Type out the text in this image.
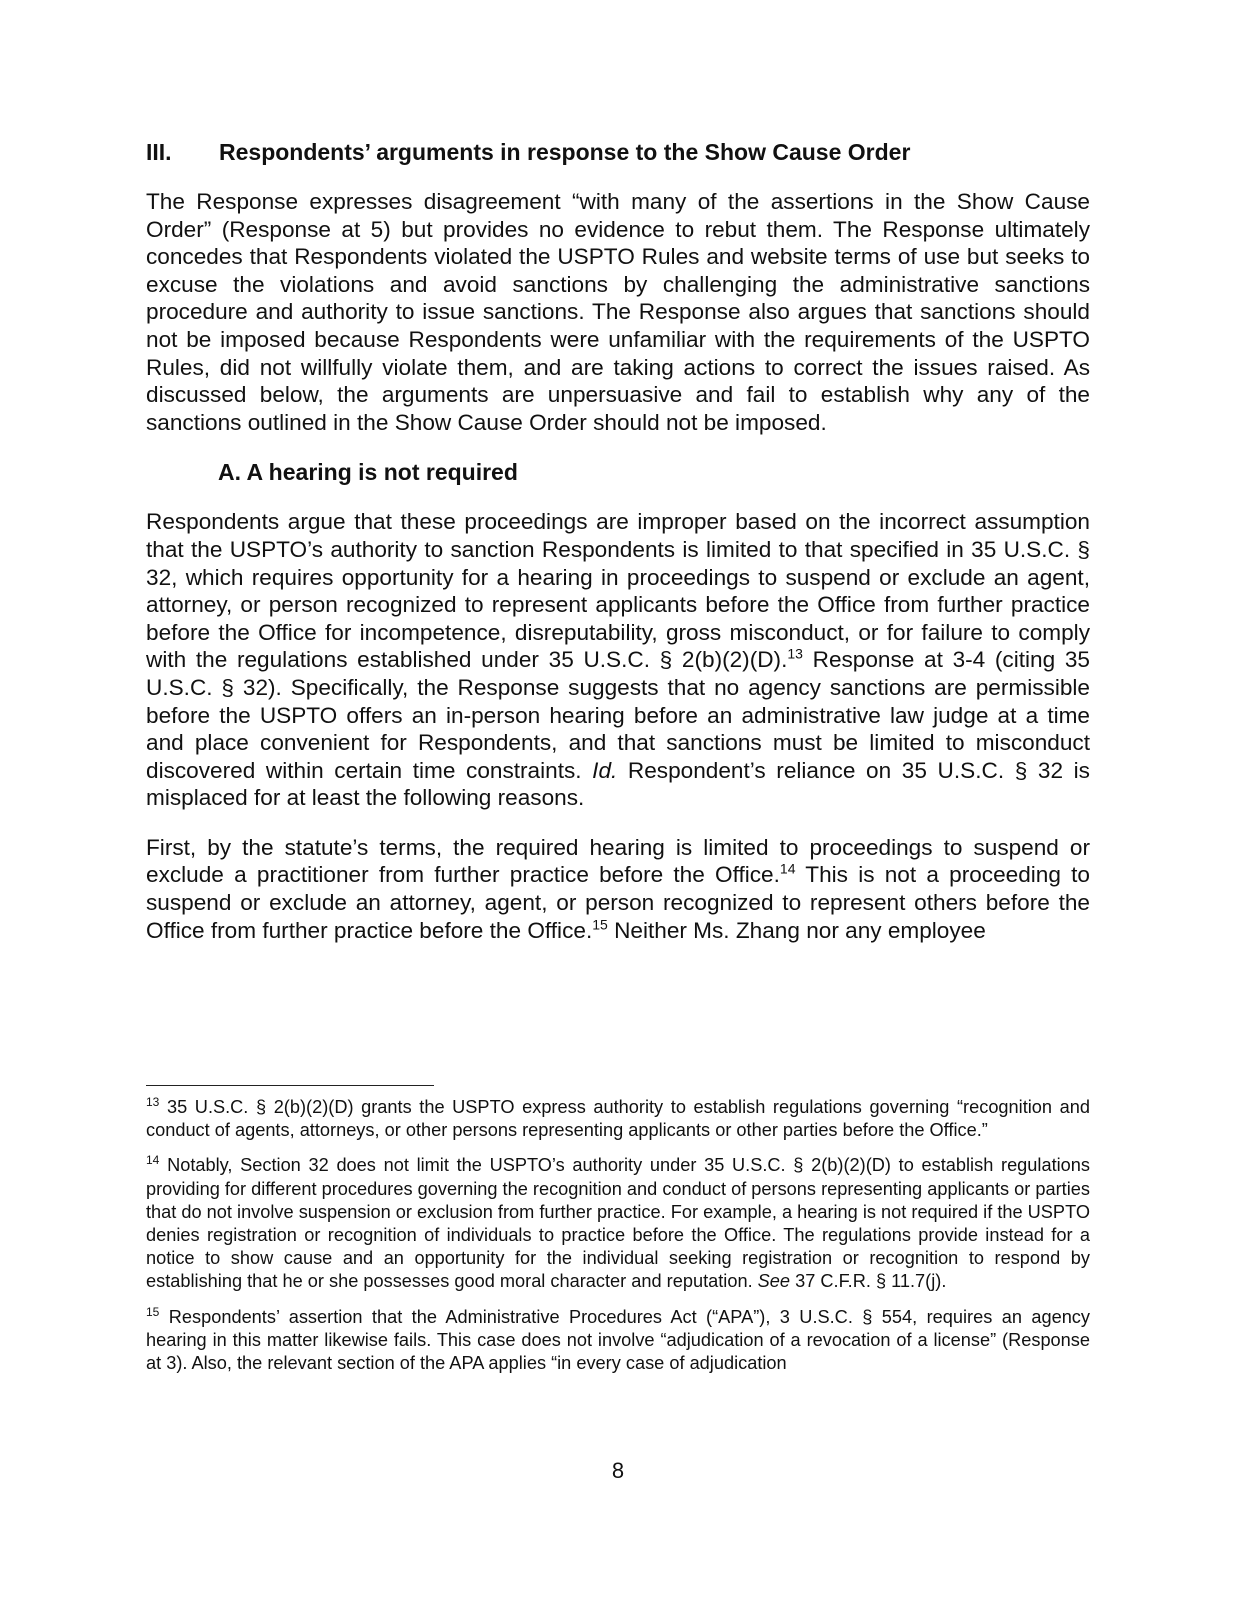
III.	Respondents’ arguments in response to the Show Cause Order

The Response expresses disagreement “with many of the assertions in the Show Cause Order” (Response at 5) but provides no evidence to rebut them. The Response ultimately concedes that Respondents violated the USPTO Rules and website terms of use but seeks to excuse the violations and avoid sanctions by challenging the administrative sanctions procedure and authority to issue sanctions. The Response also argues that sanctions should not be imposed because Respondents were unfamiliar with the requirements of the USPTO Rules, did not willfully violate them, and are taking actions to correct the issues raised. As discussed below, the arguments are unpersuasive and fail to establish why any of the sanctions outlined in the Show Cause Order should not be imposed.

A. A hearing is not required

Respondents argue that these proceedings are improper based on the incorrect assumption that the USPTO’s authority to sanction Respondents is limited to that specified in 35 U.S.C. § 32, which requires opportunity for a hearing in proceedings to suspend or exclude an agent, attorney, or person recognized to represent applicants before the Office from further practice before the Office for incompetence, disreputability, gross misconduct, or for failure to comply with the regulations established under 35 U.S.C. § 2(b)(2)(D).$^{13}$ Response at 3-4 (citing 35 U.S.C. § 32). Specifically, the Response suggests that no agency sanctions are permissible before the USPTO offers an in-person hearing before an administrative law judge at a time and place convenient for Respondents, and that sanctions must be limited to misconduct discovered within certain time constraints. Id. Respondent’s reliance on 35 U.S.C. § 32 is misplaced for at least the following reasons.

First, by the statute’s terms, the required hearing is limited to proceedings to suspend or exclude a practitioner from further practice before the Office.$^{14}$ This is not a proceeding to suspend or exclude an attorney, agent, or person recognized to represent others before the Office from further practice before the Office.$^{15}$ Neither Ms. Zhang nor any employee

$^{13}$ 35 U.S.C. § 2(b)(2)(D) grants the USPTO express authority to establish regulations governing “recognition and conduct of agents, attorneys, or other persons representing applicants or other parties before the Office.”

$^{14}$ Notably, Section 32 does not limit the USPTO’s authority under 35 U.S.C. § 2(b)(2)(D) to establish regulations providing for different procedures governing the recognition and conduct of persons representing applicants or parties that do not involve suspension or exclusion from further practice. For example, a hearing is not required if the USPTO denies registration or recognition of individuals to practice before the Office. The regulations provide instead for a notice to show cause and an opportunity for the individual seeking registration or recognition to respond by establishing that he or she possesses good moral character and reputation. See 37 C.F.R. § 11.7(j).

$^{15}$ Respondents’ assertion that the Administrative Procedures Act (“APA”), 3 U.S.C. § 554, requires an agency hearing in this matter likewise fails. This case does not involve “adjudication of a revocation of a license” (Response at 3). Also, the relevant section of the APA applies “in every case of adjudication

8
